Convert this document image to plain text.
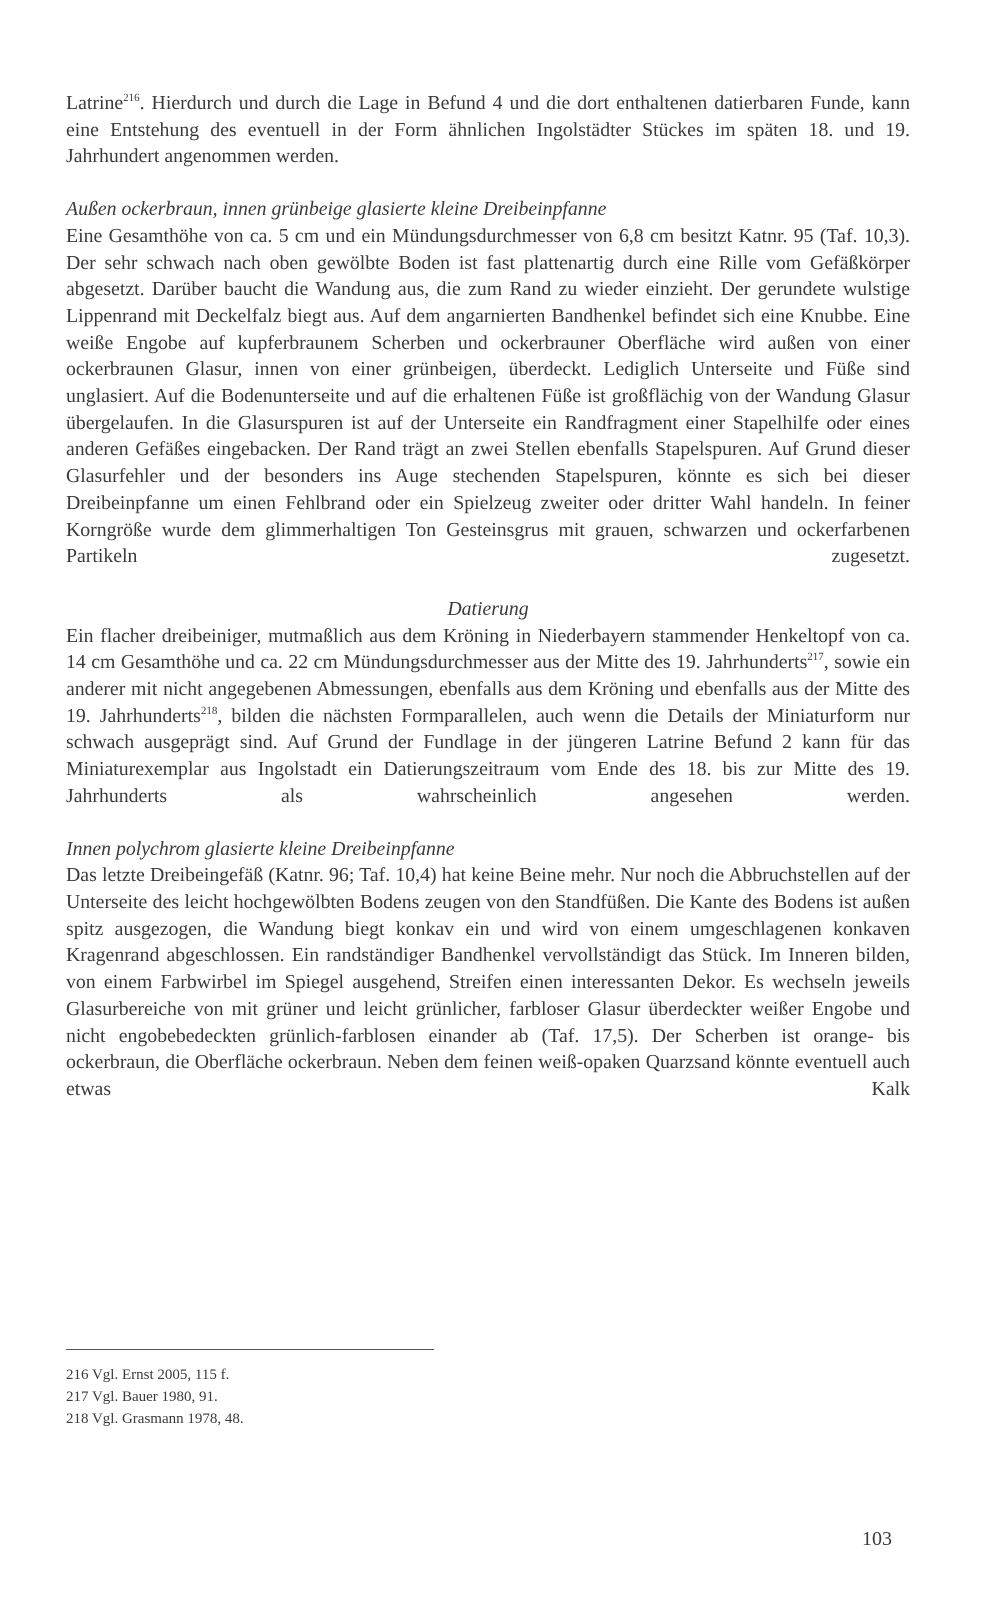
Latrine$^{216}$. Hierdurch und durch die Lage in Befund 4 und die dort enthaltenen datierbaren Funde, kann eine Entstehung des eventuell in der Form ähnlichen Ingolstädter Stückes im späten 18. und 19. Jahrhundert angenommen werden.

Außen ockerbraun, innen grünbeige glasierte kleine Dreibeinpfanne

Eine Gesamthöhe von ca. 5 cm und ein Mündungsdurchmesser von 6,8 cm besitzt Katnr. 95 (Taf. 10,3). Der sehr schwach nach oben gewölbte Boden ist fast plattenartig durch eine Rille vom Gefäßkörper abgesetzt. Darüber baucht die Wandung aus, die zum Rand zu wieder einzieht. Der gerundete wulstige Lippenrand mit Deckelfalz biegt aus. Auf dem angarnierten Bandhenkel befindet sich eine Knubbe. Eine weiße Engobe auf kupferbraunem Scherben und ockerbrauner Oberfläche wird außen von einer ockerbraunen Glasur, innen von einer grünbeigen, überdeckt. Lediglich Unterseite und Füße sind unglasiert. Auf die Bodenunterseite und auf die erhaltenen Füße ist großflächig von der Wandung Glasur übergelaufen. In die Glasurspuren ist auf der Unterseite ein Randfragment einer Stapelhilfe oder eines anderen Gefäßes eingebacken. Der Rand trägt an zwei Stellen ebenfalls Stapelspuren. Auf Grund dieser Glasurfehler und der besonders ins Auge stechenden Stapelspuren, könnte es sich bei dieser Dreibeinpfanne um einen Fehlbrand oder ein Spielzeug zweiter oder dritter Wahl handeln. In feiner Korngröße wurde dem glimmerhaltigen Ton Gesteinsgrus mit grauen, schwarzen und ockerfarbenen Partikeln zugesetzt.

Datierung

Ein flacher dreibeiniger, mutmaßlich aus dem Kröning in Niederbayern stammender Henkeltopf von ca. 14 cm Gesamthöhe und ca. 22 cm Mündungsdurchmesser aus der Mitte des 19. Jahrhunderts$^{217}$, sowie ein anderer mit nicht angegebenen Abmessungen, ebenfalls aus dem Kröning und ebenfalls aus der Mitte des 19. Jahrhunderts$^{218}$, bilden die nächsten Formparallelen, auch wenn die Details der Miniaturform nur schwach ausgeprägt sind. Auf Grund der Fundlage in der jüngeren Latrine Befund 2 kann für das Miniaturexemplar aus Ingolstadt ein Datierungszeitraum vom Ende des 18. bis zur Mitte des 19. Jahrhunderts als wahrscheinlich angesehen werden.

Innen polychrom glasierte kleine Dreibeinpfanne

Das letzte Dreibeingefäß (Katnr. 96; Taf. 10,4) hat keine Beine mehr. Nur noch die Abbruchstellen auf der Unterseite des leicht hochgewölbten Bodens zeugen von den Standfüßen. Die Kante des Bodens ist außen spitz ausgezogen, die Wandung biegt konkav ein und wird von einem umgeschlagenen konkaven Kragenrand abgeschlossen. Ein randständiger Bandhenkel vervollständigt das Stück. Im Inneren bilden, von einem Farbwirbel im Spiegel ausgehend, Streifen einen interessanten Dekor. Es wechseln jeweils Glasurbereiche von mit grüner und leicht grünlicher, farbloser Glasur überdeckter weißer Engobe und nicht engobebedeckten grünlich-farblosen einander ab (Taf. 17,5). Der Scherben ist orange- bis ockerbraun, die Oberfläche ockerbraun. Neben dem feinen weiß-opaken Quarzsand könnte eventuell auch etwas Kalk

216 Vgl. Ernst 2005, 115 f.
217 Vgl. Bauer 1980, 91.
218 Vgl. Grasmann 1978, 48.
103
